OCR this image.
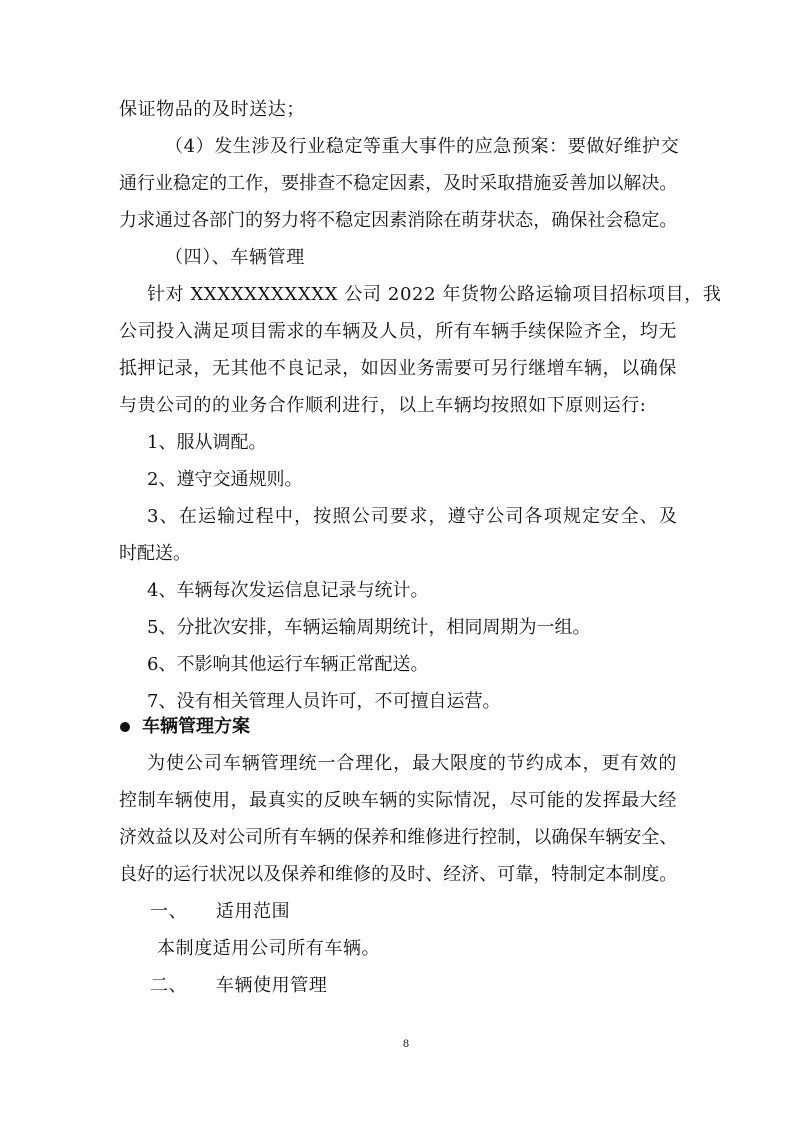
保证物品的及时送达；
（4）发生涉及行业稳定等重大事件的应急预案：要做好维护交
通行业稳定的工作，要排查不稳定因素，及时采取措施妥善加以解决。
力求通过各部门的努力将不稳定因素消除在萌芽状态，确保社会稳定。
（四）、车辆管理
针对 XXXXXXXXXXX 公司 2022 年货物公路运输项目招标项目，我
公司投入满足项目需求的车辆及人员，所有车辆手续保险齐全，均无
抵押记录，无其他不良记录，如因业务需要可另行继增车辆，以确保
与贵公司的的业务合作顺利进行，以上车辆均按照如下原则运行:
1、服从调配。
2、遵守交通规则。
3、在运输过程中，按照公司要求，遵守公司各项规定安全、及
时配送。
4、车辆每次发运信息记录与统计。
5、分批次安排，车辆运输周期统计，相同周期为一组。
6、不影响其他运行车辆正常配送。
7、没有相关管理人员许可，不可擅自运营。
车辆管理方案
为使公司车辆管理统一合理化，最大限度的节约成本，更有效的
控制车辆使用，最真实的反映车辆的实际情况，尽可能的发挥最大经
济效益以及对公司所有车辆的保养和维修进行控制，以确保车辆安全、
良好的运行状况以及保养和维修的及时、经济、可靠，特制定本制度。
一、 适用范围
本制度适用公司所有车辆。
二、 车辆使用管理
8
